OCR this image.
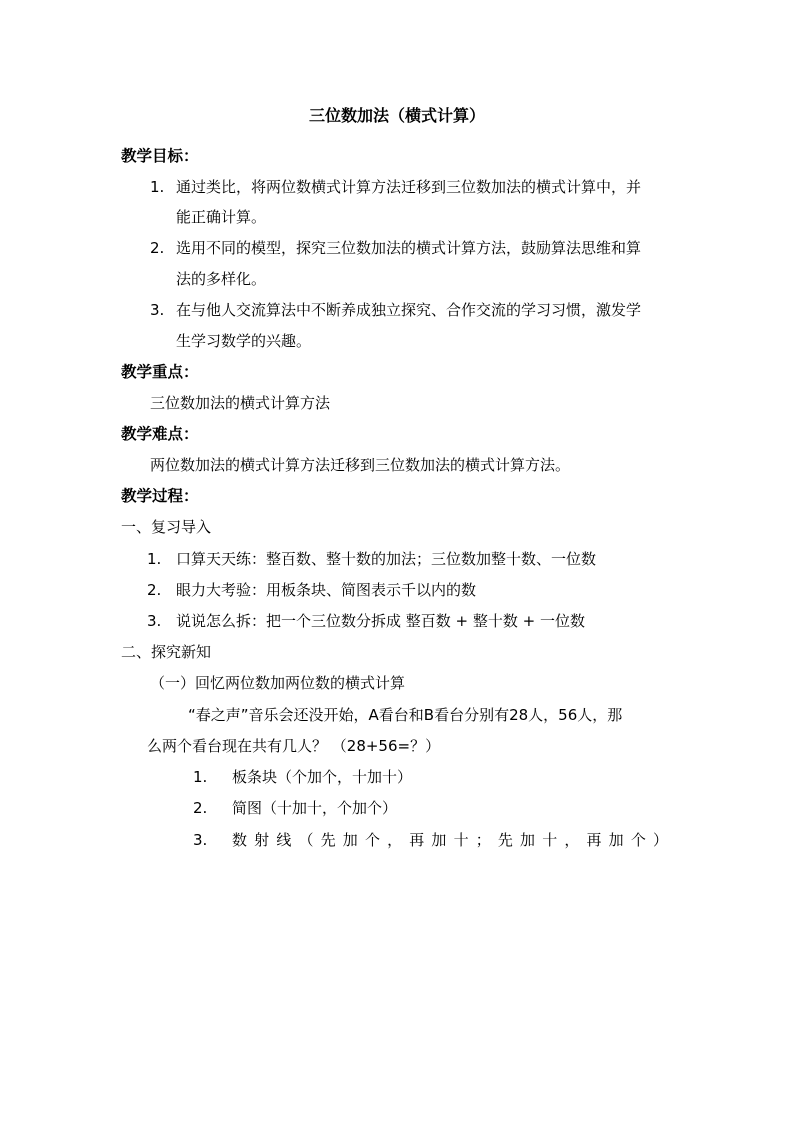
三位数加法（横式计算）
教学目标：
1. 通过类比，将两位数横式计算方法迁移到三位数加法的横式计算中，并
能正确计算。
2. 选用不同的模型，探究三位数加法的横式计算方法，鼓励算法思维和算
法的多样化。
3. 在与他人交流算法中不断养成独立探究、合作交流的学习习惯，激发学
生学习数学的兴趣。
教学重点：
三位数加法的横式计算方法
教学难点：
两位数加法的横式计算方法迁移到三位数加法的横式计算方法。
教学过程：
一、复习导入
1. 口算天天练：整百数、整十数的加法；三位数加整十数、一位数
2. 眼力大考验：用板条块、简图表示千以内的数
3. 说说怎么拆：把一个三位数分拆成 整百数 + 整十数 + 一位数
二、探究新知
（一）回忆两位数加两位数的横式计算
“春之声”音乐会还没开始，A看台和B看台分别有28人，56人，那
么两个看台现在共有几人？ （28+56=？）
1. 板条块（个加个，十加十）
2. 简图（十加十，个加个）
3. 数 射 线 （ 先 加 个 ， 再 加 十 ； 先 加 十 ， 再 加 个 ）
